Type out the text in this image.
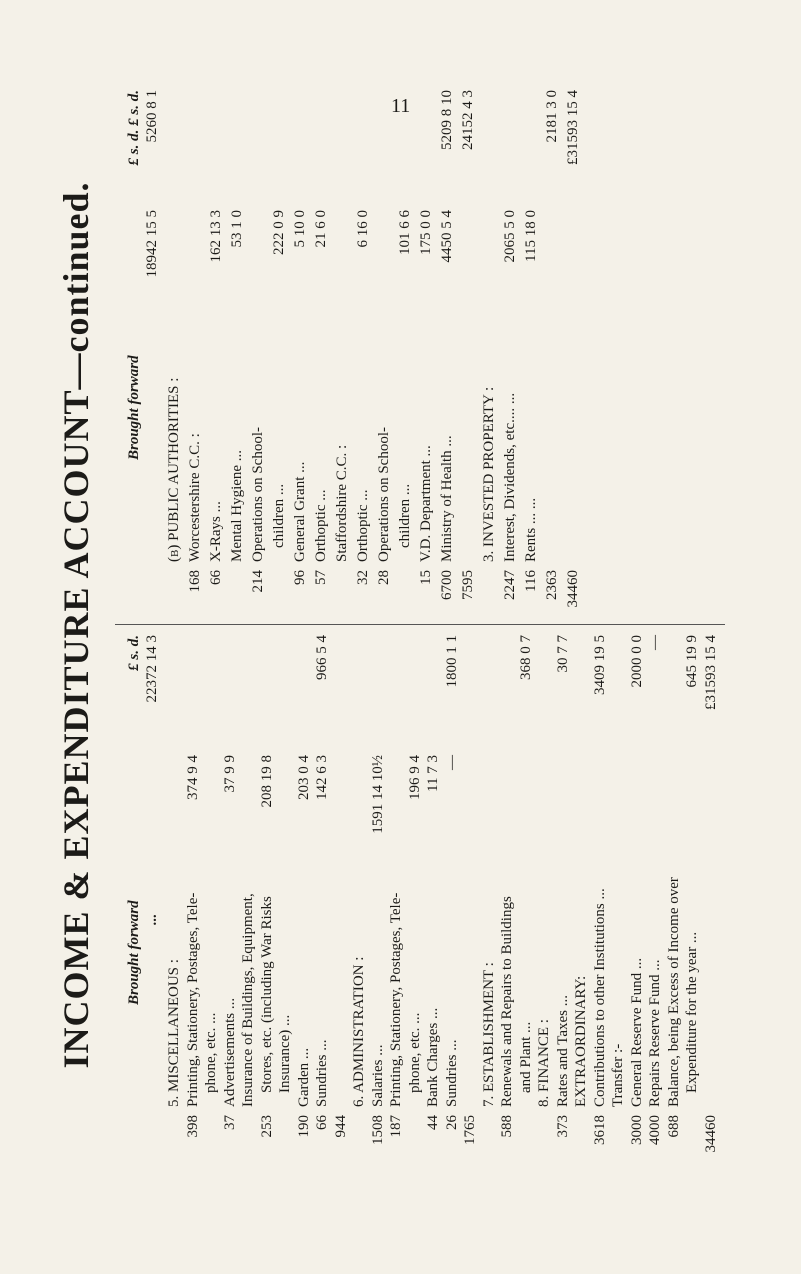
11
INCOME & EXPENDITURE ACCOUNT—continued. Brought forward
£ s. d.
...
22372 14 3
5. MISCELLANEOUS :
398
Printing, Stationery, Postages, Tele-
374 9 4
phone, etc. ...
37
Advertisements ...
37 9 9
Insurance of Buildings, Equipment,
253
Stores, etc. (including War Risks
208 19 8
Insurance) ...
190
Garden ...
203 0 4
66
Sundries ...
142 6 3
966 5 4
944
6. ADMINISTRATION :
1508
Salaries ...
1591 14 10½
187
Printing, Stationery, Postages, Tele- phone, etc. ...
196 9 4
44
Bank Charges ...
11 7 3
26
Sundries ...
—
1800 1 1
1765
7. ESTABLISHMENT :
588
Renewals and Repairs to Buildings and Plant ...
368 0 7
8. FINANCE :
373
Rates and Taxes ...
30 7 7
EXTRAORDINARY:
3618
Contributions to other Institutions ...
3409 19 5
Transfer :-
3000
General Reserve Fund ...
2000 0 0
4000
Repairs Reserve Fund ...
—
688
Balance, being Excess of Income over Expenditure for the year ...
645 19 9
34460
£31593 15 4
Brought forward
£ s. d. £ s. d.
18942 15 5
5260 8 1
(b) PUBLIC AUTHORITIES :
168
Worcestershire C.C. :
66
X-Rays ...
162 13 3
Mental Hygiene ...
53 1 0
214
Operations on School- children ...
222 0 9
96
General Grant ...
5 10 0
57
Orthoptic ...
21 6 0
Staffordshire C.C. :
32
Orthoptic ...
6 16 0
28
Operations on School- children ...
101 6 6
15
V.D. Department ...
175 0 0
6700
Ministry of Health ...
4450 5 4
5209 8 10
7595
24152 4 3
3. INVESTED PROPERTY :
2247
Interest, Dividends, etc.... ...
2065 5 0
116
Rents ... ...
115 18 0
2363
2181 3 0
34460
£31593 15 4
